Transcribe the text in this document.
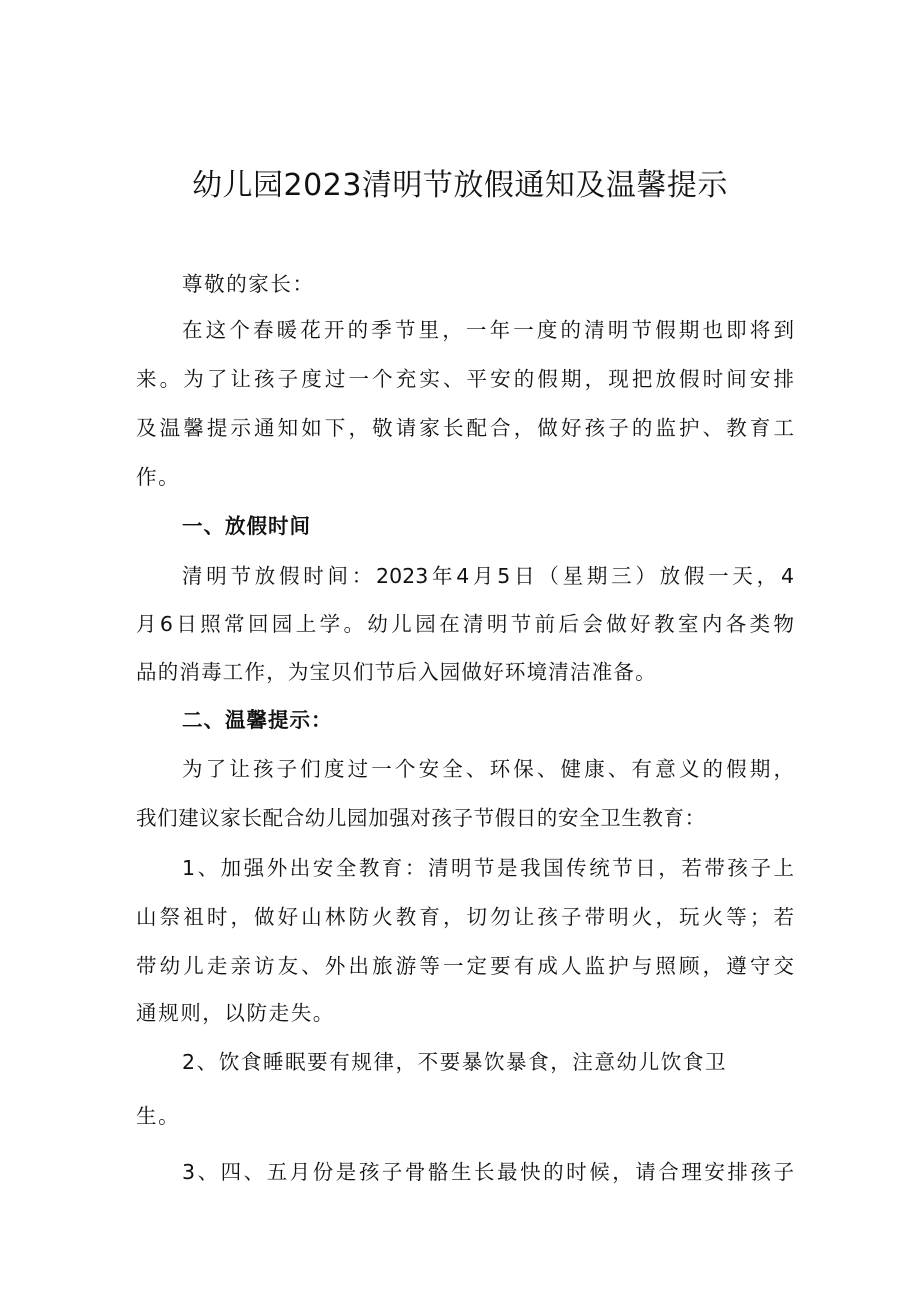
幼儿园2023清明节放假通知及温馨提示

尊敬的家长：

在这个春暖花开的季节里，一年一度的清明节假期也即将到

来。为了让孩子度过一个充实、平安的假期，现把放假时间安排

及温馨提示通知如下，敬请家长配合，做好孩子的监护、教育工

作。

一、放假时间

清明节放假时间：2023年4月5日（星期三）放假一天，4

月6日照常回园上学。幼儿园在清明节前后会做好教室内各类物

品的消毒工作，为宝贝们节后入园做好环境清洁准备。

二、温馨提示：

为了让孩子们度过一个安全、环保、健康、有意义的假期，

我们建议家长配合幼儿园加强对孩子节假日的安全卫生教育：

1、加强外出安全教育：清明节是我国传统节日，若带孩子上

山祭祖时，做好山林防火教育，切勿让孩子带明火，玩火等；若

带幼儿走亲访友、外出旅游等一定要有成人监护与照顾，遵守交

通规则，以防走失。

2、饮食睡眠要有规律，不要暴饮暴食，注意幼儿饮食卫

生。

3、四、五月份是孩子骨骼生长最快的时候，请合理安排孩子
